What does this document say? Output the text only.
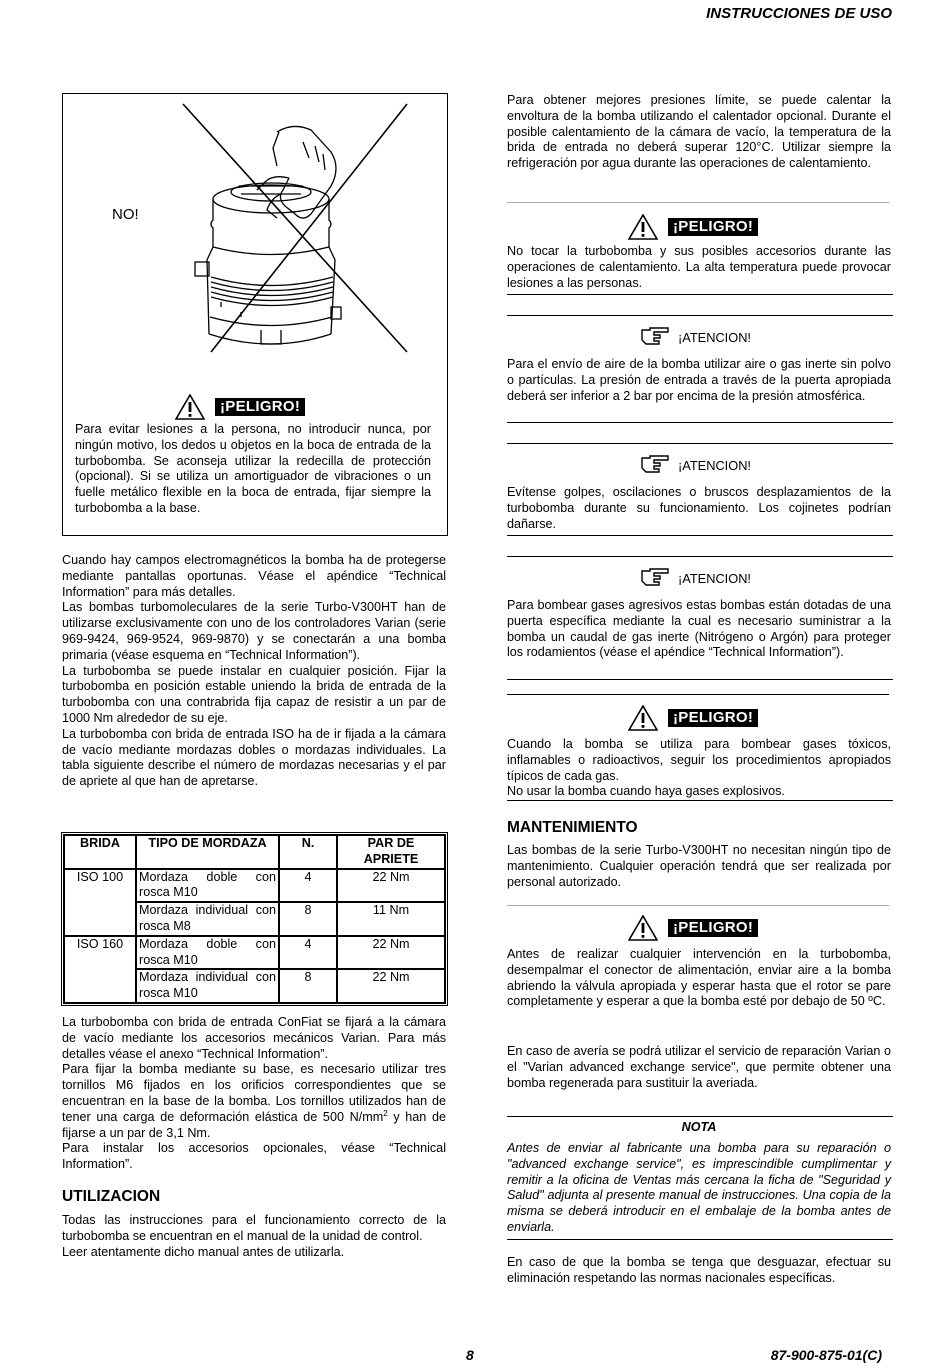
INSTRUCCIONES DE USO
NO!
¡PELIGRO!
Para evitar lesiones a la persona, no introducir nunca, por ningún motivo, los dedos u objetos en la boca de entrada de la turbobomba. Se aconseja utilizar la redecilla de protección (opcional). Si se utiliza un amortiguador de vibraciones o un fuelle metálico flexible en la boca de entrada, fijar siempre la turbobomba a la base.
Cuando hay campos electromagnéticos la bomba ha de protegerse mediante pantallas oportunas. Véase el apéndice “Technical Information” para más detalles.
Las bombas turbomoleculares de la serie Turbo-V300HT han de utilizarse exclusivamente con uno de los controladores Varian (serie 969-9424, 969-9524, 969-9870) y se conectarán a una bomba primaria (véase esquema en “Technical Information”).
La turbobomba se puede instalar en cualquier posición. Fijar la turbobomba en posición estable uniendo la brida de entrada de la turbobomba con una contrabrida fija capaz de resistir a un par de 1000 Nm alrededor de su eje.
La turbobomba con brida de entrada ISO ha de ir fijada a la cámara de vacío mediante mordazas dobles o mordazas individuales. La tabla siguiente describe el número de mordazas necesarias y el par de apriete al que han de apretarse.
BRIDA	TIPO DE MORDAZA	N.	PAR DE APRIETE
ISO 100	Mordaza doble con rosca M10	4	22 Nm
	Mordaza individual con rosca M8	8	11 Nm
ISO 160	Mordaza doble con rosca M10	4	22 Nm
	Mordaza individual con rosca M10	8	22 Nm
La turbobomba con brida de entrada ConFiat se fijará a la cámara de vacío mediante los accesorios mecánicos Varian. Para más detalles véase el anexo “Technical Information”.
Para fijar la bomba mediante su base, es necesario utilizar tres tornillos M6 fijados en los orificios correspondientes que se encuentran en la base de la bomba. Los tornillos utilizados han de tener una carga de deformación elástica de 500 $N/mm^2$ y han de fijarse a un par de 3,1 Nm.
Para instalar los accesorios opcionales, véase “Technical Information”.
UTILIZACION
Todas las instrucciones para el funcionamiento correcto de la turbobomba se encuentran en el manual de la unidad de control.
Leer atentamente dicho manual antes de utilizarla.
Para obtener mejores presiones límite, se puede calentar la envoltura de la bomba utilizando el calentador opcional. Durante el posible calentamiento de la cámara de vacío, la temperatura de la brida de entrada no deberá superar 120°C. Utilizar siempre la refrigeración por agua durante las operaciones de calentamiento.
¡PELIGRO!
No tocar la turbobomba y sus posibles accesorios durante las operaciones de calentamiento. La alta temperatura puede provocar lesiones a las personas.
¡ATENCION!
Para el envío de aire de la bomba utilizar aire o gas inerte sin polvo o partículas. La presión de entrada a través de la puerta apropiada deberá ser inferior a 2 bar por encima de la presión atmosférica.
¡ATENCION!
Evítense golpes, oscilaciones o bruscos desplazamientos de la turbobomba durante su funcionamiento. Los cojinetes podrían dañarse.
¡ATENCION!
Para bombear gases agresivos estas bombas están dotadas de una puerta específica mediante la cual es necesario suministrar a la bomba un caudal de gas inerte (Nitrógeno o Argón) para proteger los rodamientos (véase el apéndice “Technical Information”).
¡PELIGRO!
Cuando la bomba se utiliza para bombear gases tóxicos, inflamables o radioactivos, seguir los procedimientos apropiados típicos de cada gas.
No usar la bomba cuando haya gases explosivos.
MANTENIMIENTO
Las bombas de la serie Turbo-V300HT no necesitan ningún tipo de mantenimiento. Cualquier operación tendrá que ser realizada por personal autorizado.
¡PELIGRO!
Antes de realizar cualquier intervención en la turbobomba, desempalmar el conector de alimentación, enviar aire a la bomba abriendo la válvula apropiada y esperar hasta que el rotor se pare completamente y esperar a que la bomba esté por debajo de 50 ºC.
En caso de avería se podrá utilizar el servicio de reparación Varian o el "Varian advanced exchange service", que permite obtener una bomba regenerada para sustituir la averiada.
NOTA
Antes de enviar al fabricante una bomba para su reparación o "advanced exchange service", es imprescindible cumplimentar y remitir a la oficina de Ventas más cercana la ficha de "Seguridad y Salud" adjunta al presente manual de instrucciones. Una copia de la misma se deberá introducir en el embalaje de la bomba antes de enviarla.
En caso de que la bomba se tenga que desguazar, efectuar su eliminación respetando las normas nacionales específicas.
8	87-900-875-01(C)
